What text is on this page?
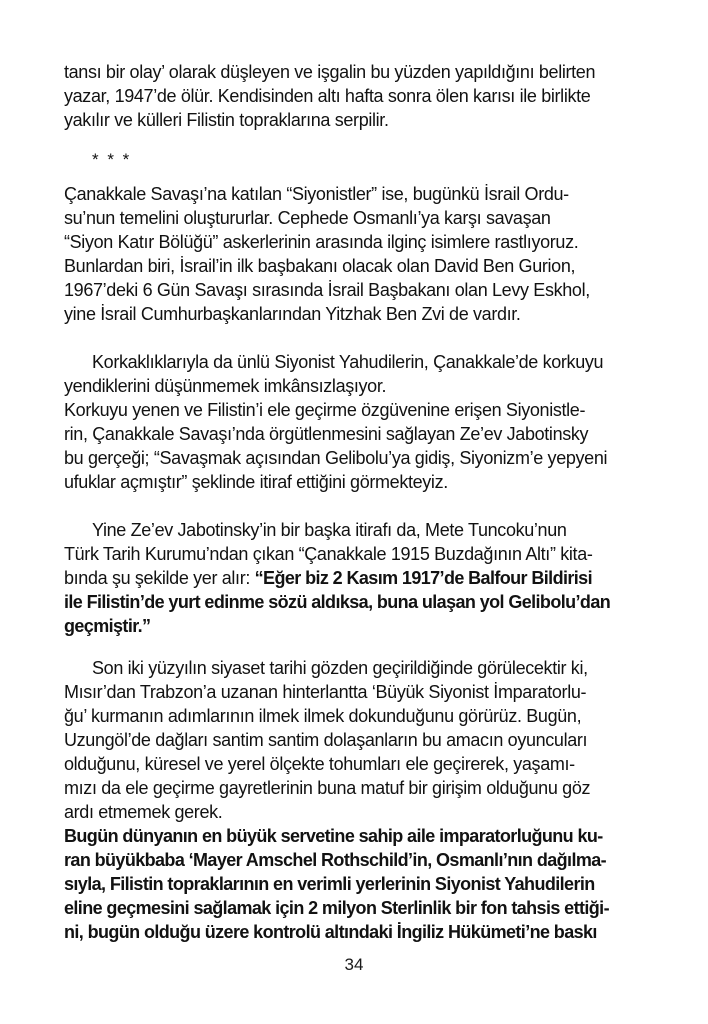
tansı bir olay’ olarak düşleyen ve işgalin bu yüzden yapıldığını belirten
yazar, 1947’de ölür. Kendisinden altı hafta sonra ölen karısı ile birlikte
yakılır ve külleri Filistin topraklarına serpilir.
* * *
Çanakkale Savaşı’na katılan “Siyonistler” ise, bugünkü İsrail Ordu-
su’nun temelini oluştururlar. Cephede Osmanlı’ya karşı savaşan
“Siyon Katır Bölüğü” askerlerinin arasında ilginç isimlere rastlıyoruz.
Bunlardan biri, İsrail’in ilk başbakanı olacak olan David Ben Gurion,
1967’deki 6 Gün Savaşı sırasında İsrail Başbakanı olan Levy Eskhol,
yine İsrail Cumhurbaşkanlarından Yitzhak Ben Zvi de vardır.
Korkaklıklarıyla da ünlü Siyonist Yahudilerin, Çanakkale’de korkuyu
yendiklerini düşünmemek imkânsızlaşıyor.
Korkuyu yenen ve Filistin’i ele geçirme özgüvenine erişen Siyonistle-
rin, Çanakkale Savaşı’nda örgütlenmesini sağlayan Ze’ev Jabotinsky
bu gerçeği; “Savaşmak açısından Gelibolu’ya gidiş, Siyonizm’e yepyeni
ufuklar açmıştır” şeklinde itiraf ettiğini görmekteyiz.
Yine Ze’ev Jabotinsky’in bir başka itirafı da, Mete Tuncoku’nun
Türk Tarih Kurumu’ndan çıkan “Çanakkale 1915 Buzdağının Altı” kita-
bında şu şekilde yer alır: “Eğer biz 2 Kasım 1917’de Balfour Bildirisi
ile Filistin’de yurt edinme sözü aldıksa, buna ulaşan yol Gelibolu’dan
geçmiştir.”
Son iki yüzyılın siyaset tarihi gözden geçirildiğinde görülecektir ki,
Mısır’dan Trabzon’a uzanan hinterlantta ‘Büyük Siyonist İmparatorlu-
ğu’ kurmanın adımlarının ilmek ilmek dokunduğunu görürüz. Bugün,
Uzungöl’de dağları santim santim dolaşanların bu amacın oyuncuları
olduğunu, küresel ve yerel ölçekte tohumları ele geçirerek, yaşamı-
mızı da ele geçirme gayretlerinin buna matuf bir girişim olduğunu göz
ardı etmemek gerek.
Bugün dünyanın en büyük servetine sahip aile imparatorluğunu ku-
ran büyükbaba ‘Mayer Amschel Rothschild’in, Osmanlı’nın dağılma-
sıyla, Filistin topraklarının en verimli yerlerinin Siyonist Yahudilerin
eline geçmesini sağlamak için 2 milyon Sterlinlik bir fon tahsis ettiği-
ni, bugün olduğu üzere kontrolü altındaki İngiliz Hükümeti’ne baskı
34
